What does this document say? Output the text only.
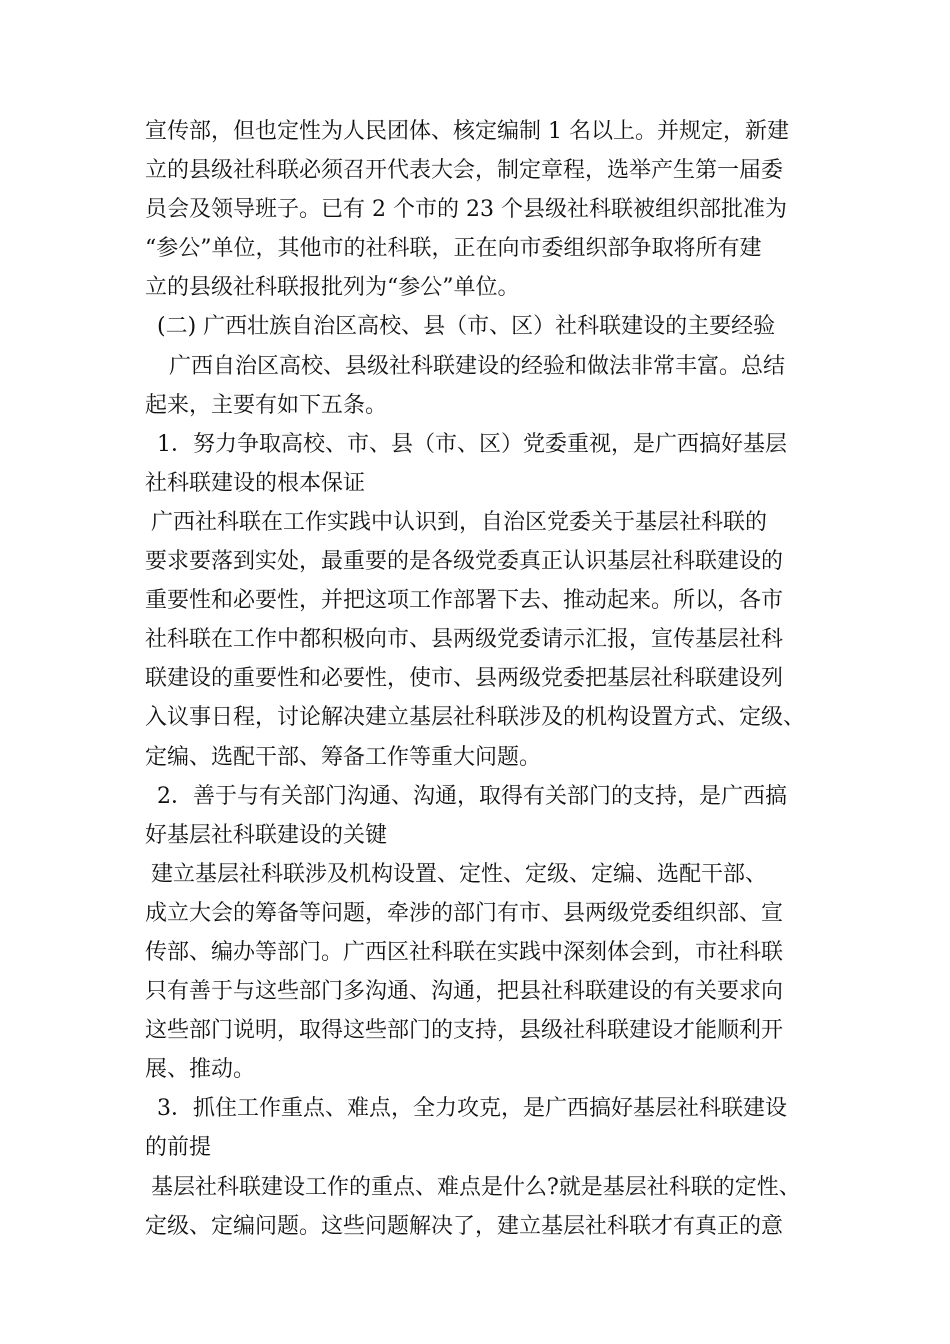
宣传部，但也定性为人民团体、核定编制 1 名以上。并规定，新建
立的县级社科联必须召开代表大会，制定章程，选举产生第一届委
员会及领导班子。已有 2 个市的 23 个县级社科联被组织部批准为
“参公”单位，其他市的社科联，正在向市委组织部争取将所有建
立的县级社科联报批列为“参公”单位。
(二) 广西壮族自治区高校、县（市、区）社科联建设的主要经验
广西自治区高校、县级社科联建设的经验和做法非常丰富。总结
起来，主要有如下五条。
1．努力争取高校、市、县（市、区）党委重视，是广西搞好基层
社科联建设的根本保证
广西社科联在工作实践中认识到，自治区党委关于基层社科联的
要求要落到实处，最重要的是各级党委真正认识基层社科联建设的
重要性和必要性，并把这项工作部署下去、推动起来。所以，各市
社科联在工作中都积极向市、县两级党委请示汇报，宣传基层社科
联建设的重要性和必要性，使市、县两级党委把基层社科联建设列
入议事日程，讨论解决建立基层社科联涉及的机构设置方式、定级、
定编、选配干部、筹备工作等重大问题。
2．善于与有关部门沟通、沟通，取得有关部门的支持，是广西搞
好基层社科联建设的关键
建立基层社科联涉及机构设置、定性、定级、定编、选配干部、
成立大会的筹备等问题，牵涉的部门有市、县两级党委组织部、宣
传部、编办等部门。广西区社科联在实践中深刻体会到，市社科联
只有善于与这些部门多沟通、沟通，把县社科联建设的有关要求向
这些部门说明，取得这些部门的支持，县级社科联建设才能顺利开
展、推动。
3．抓住工作重点、难点，全力攻克，是广西搞好基层社科联建设
的前提
基层社科联建设工作的重点、难点是什么?就是基层社科联的定性、
定级、定编问题。这些问题解决了，建立基层社科联才有真正的意
